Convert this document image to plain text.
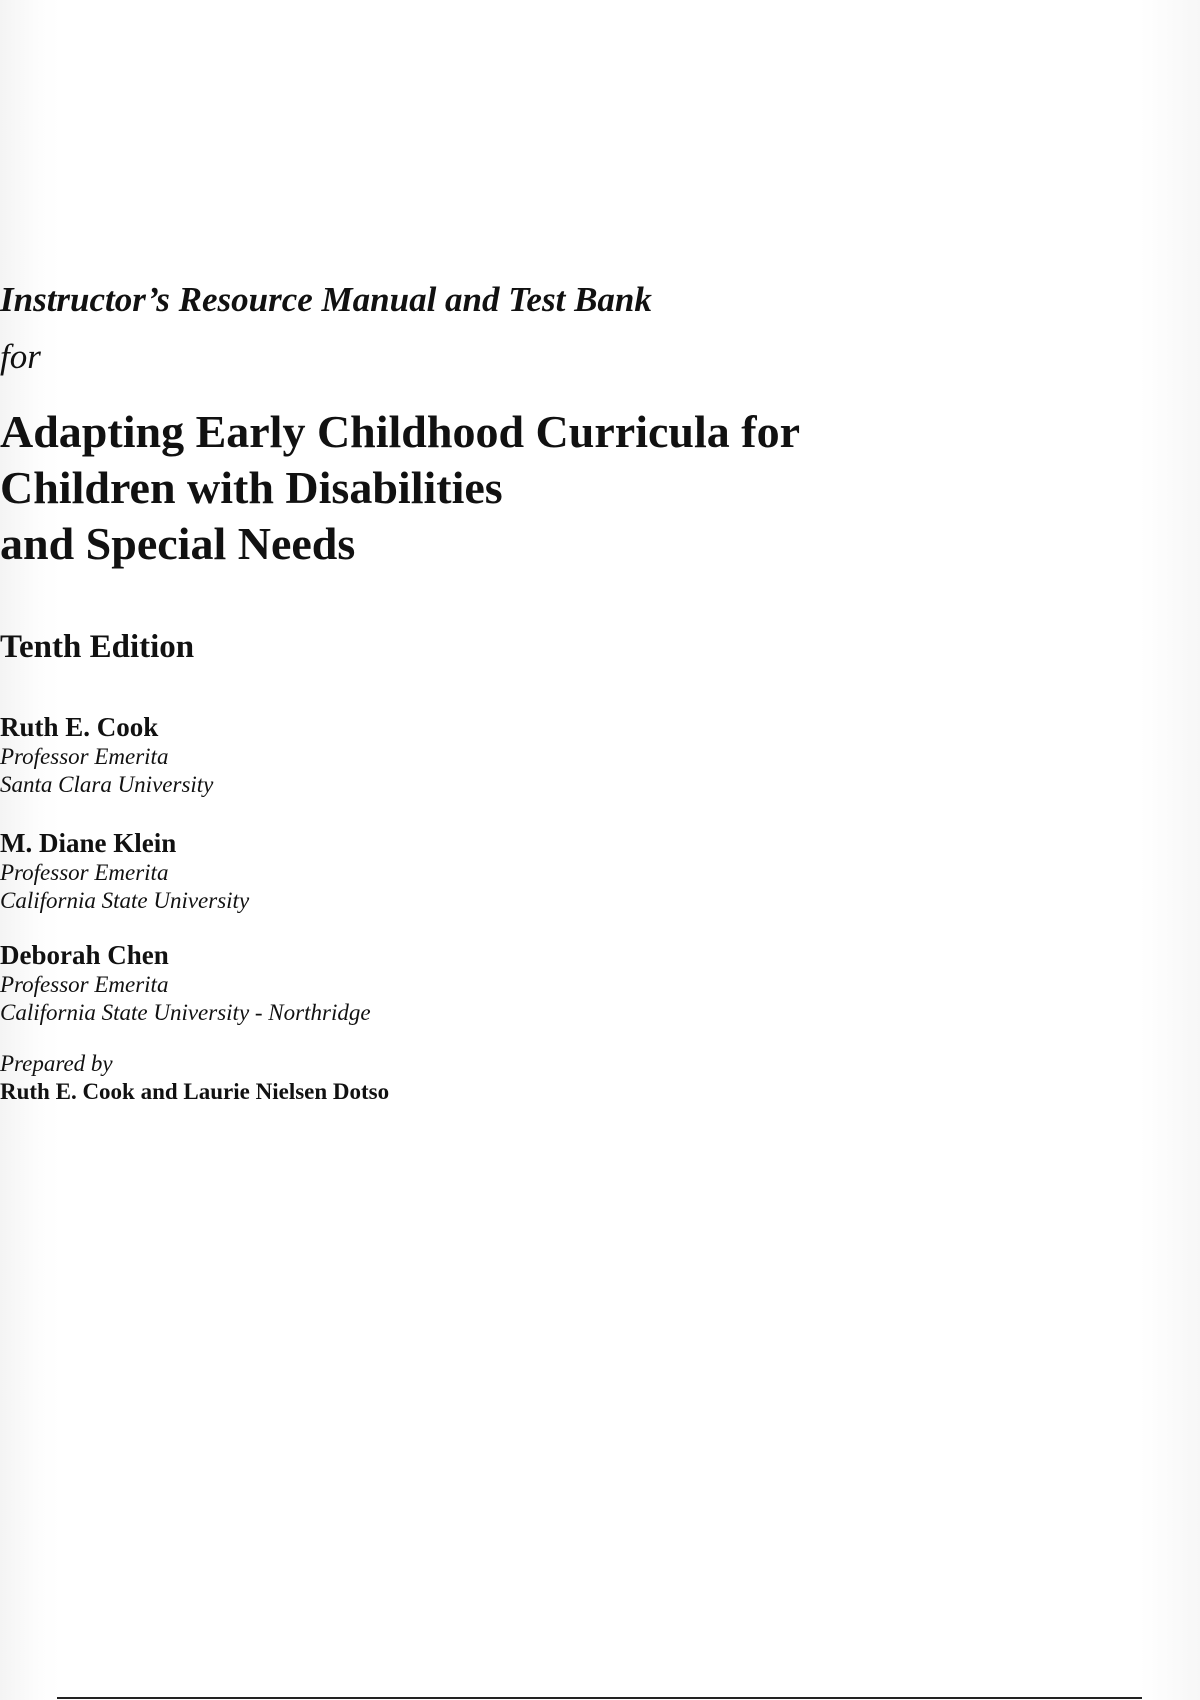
Instructor’s Resource Manual and Test Bank
for
Adapting Early Childhood Curricula for
Children with Disabilities
and Special Needs
Tenth Edition
Ruth E. Cook
Professor Emerita
Santa Clara University
M. Diane Klein
Professor Emerita
California State University
Deborah Chen
Professor Emerita
California State University - Northridge
Prepared by
Ruth E. Cook and Laurie Nielsen Dotso
